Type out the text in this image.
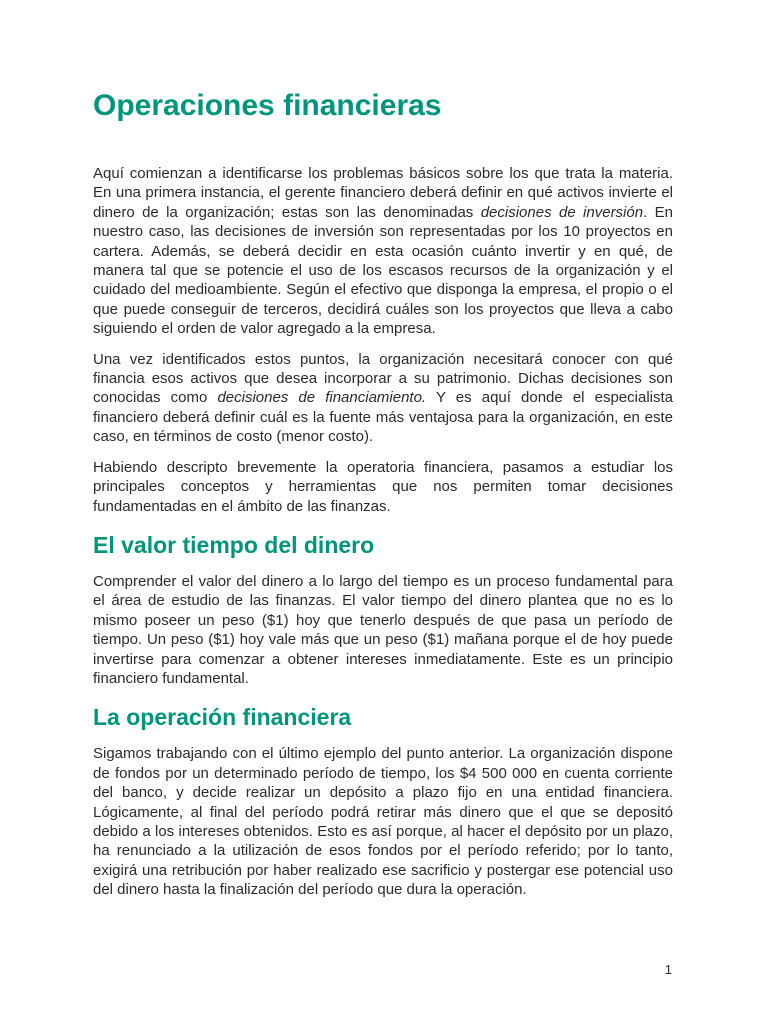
Operaciones financieras

Aquí comienzan a identificarse los problemas básicos sobre los que trata la materia. En una primera instancia, el gerente financiero deberá definir en qué activos invierte el dinero de la organización; estas son las denominadas decisiones de inversión. En nuestro caso, las decisiones de inversión son representadas por los 10 proyectos en cartera. Además, se deberá decidir en esta ocasión cuánto invertir y en qué, de manera tal que se potencie el uso de los escasos recursos de la organización y el cuidado del medioambiente. Según el efectivo que disponga la empresa, el propio o el que puede conseguir de terceros, decidirá cuáles son los proyectos que lleva a cabo siguiendo el orden de valor agregado a la empresa.

Una vez identificados estos puntos, la organización necesitará conocer con qué financia esos activos que desea incorporar a su patrimonio. Dichas decisiones son conocidas como decisiones de financiamiento. Y es aquí donde el especialista financiero deberá definir cuál es la fuente más ventajosa para la organización, en este caso, en términos de costo (menor costo).

Habiendo descripto brevemente la operatoria financiera, pasamos a estudiar los principales conceptos y herramientas que nos permiten tomar decisiones fundamentadas en el ámbito de las finanzas.

El valor tiempo del dinero

Comprender el valor del dinero a lo largo del tiempo es un proceso fundamental para el área de estudio de las finanzas. El valor tiempo del dinero plantea que no es lo mismo poseer un peso ($1) hoy que tenerlo después de que pasa un período de tiempo. Un peso ($1) hoy vale más que un peso ($1) mañana porque el de hoy puede invertirse para comenzar a obtener intereses inmediatamente. Este es un principio financiero fundamental.

La operación financiera

Sigamos trabajando con el último ejemplo del punto anterior. La organización dispone de fondos por un determinado período de tiempo, los $4 500 000 en cuenta corriente del banco, y decide realizar un depósito a plazo fijo en una entidad financiera. Lógicamente, al final del período podrá retirar más dinero que el que se depositó debido a los intereses obtenidos. Esto es así porque, al hacer el depósito por un plazo, ha renunciado a la utilización de esos fondos por el período referido; por lo tanto, exigirá una retribución por haber realizado ese sacrificio y postergar ese potencial uso del dinero hasta la finalización del período que dura la operación.

1
